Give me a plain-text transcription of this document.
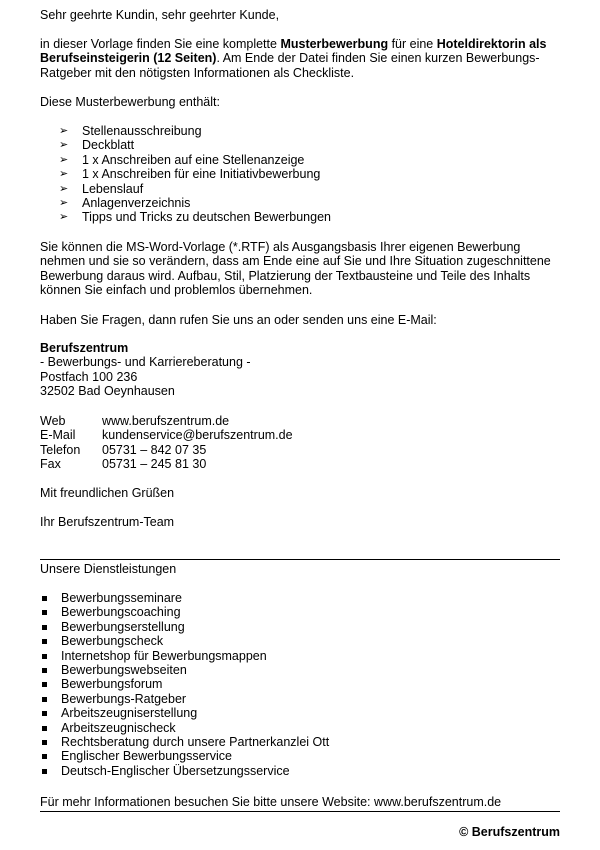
Sehr geehrte Kundin, sehr geehrter Kunde,

in dieser Vorlage finden Sie eine komplette Musterbewerbung für eine Hoteldirektorin als Berufseinsteigerin (12 Seiten). Am Ende der Datei finden Sie einen kurzen Bewerbungs-Ratgeber mit den nötigsten Informationen als Checkliste.

Diese Musterbewerbung enthält:

➢ Stellenausschreibung
➢ Deckblatt
➢ 1 x Anschreiben auf eine Stellenanzeige
➢ 1 x Anschreiben für eine Initiativbewerbung
➢ Lebenslauf
➢ Anlagenverzeichnis
➢ Tipps und Tricks zu deutschen Bewerbungen

Sie können die MS-Word-Vorlage (*.RTF) als Ausgangsbasis Ihrer eigenen Bewerbung nehmen und sie so verändern, dass am Ende eine auf Sie und Ihre Situation zugeschnittene Bewerbung daraus wird. Aufbau, Stil, Platzierung der Textbausteine und Teile des Inhalts können Sie einfach und problemlos übernehmen.

Haben Sie Fragen, dann rufen Sie uns an oder senden uns eine E-Mail:

Berufszentrum

- Bewerbungs- und Karriereberatung -

Postfach 100 236

32502 Bad Oeynhausen

Web	www.berufszentrum.de
E-Mail	kundenservice@berufszentrum.de
Telefon	05731 – 842 07 35
Fax	05731 – 245 81 30

Mit freundlichen Grüßen

Ihr Berufszentrum-Team

Unsere Dienstleistungen

Bewerbungsseminare
Bewerbungscoaching
Bewerbungserstellung
Bewerbungscheck
Internetshop für Bewerbungsmappen
Bewerbungswebseiten
Bewerbungsforum
Bewerbungs-Ratgeber
Arbeitszeugniserstellung
Arbeitszeugnischeck
Rechtsberatung durch unsere Partnerkanzlei Ott
Englischer Bewerbungsservice
Deutsch-Englischer Übersetzungsservice

Für mehr Informationen besuchen Sie bitte unsere Website: www.berufszentrum.de

© Berufszentrum
